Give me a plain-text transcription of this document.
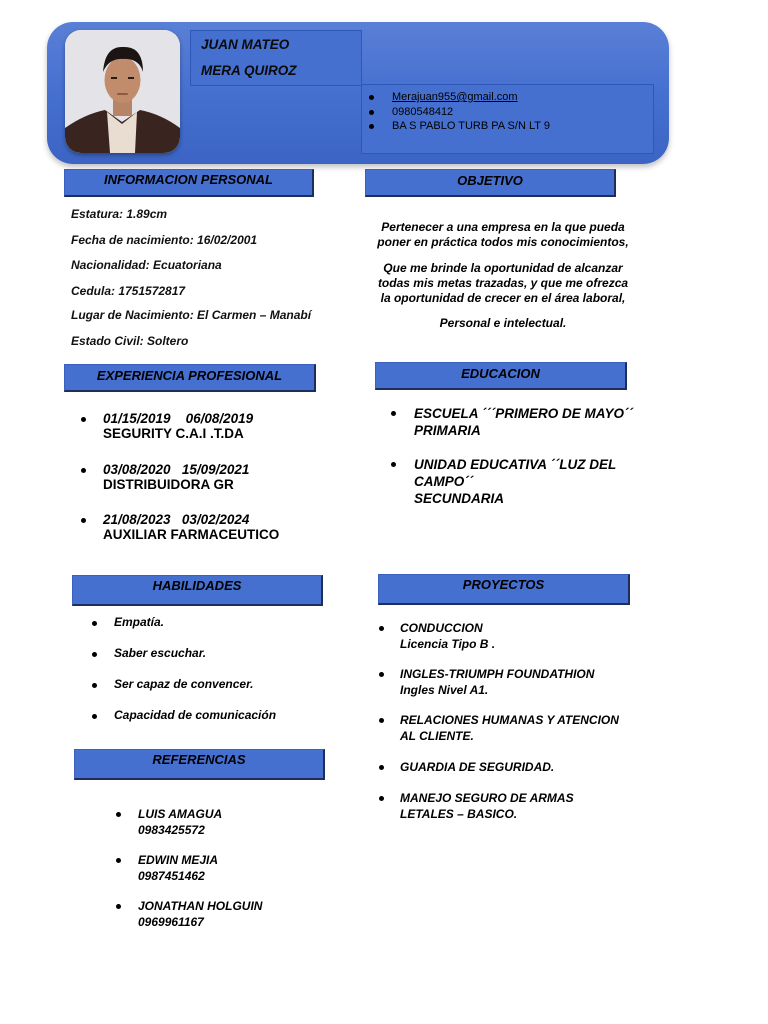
JUAN MATEO
MERA QUIROZ
Merajuan955@gmail.com
0980548412
BA S PABLO TURB PA S/N LT 9
INFORMACION PERSONAL
Estatura: 1.89cm
Fecha de nacimiento: 16/02/2001
Nacionalidad: Ecuatoriana
Cedula: 1751572817
Lugar de Nacimiento: El Carmen – Manabí
Estado Civil: Soltero
OBJETIVO
Pertenecer a una empresa en la que pueda poner en práctica todos mis conocimientos,
Que me brinde la oportunidad de alcanzar todas mis metas trazadas, y que me ofrezca la oportunidad de crecer en el área laboral,
Personal e intelectual.
EXPERIENCIA PROFESIONAL
01/15/2019    06/08/2019
SEGURITY C.A.I .T.DA
03/08/2020   15/09/2021
DISTRIBUIDORA GR
21/08/2023   03/02/2024
AUXILIAR FARMACEUTICO
EDUCACION
ESCUELA ´´´PRIMERO DE MAYO´´
PRIMARIA
UNIDAD EDUCATIVA ´´LUZ DEL CAMPO´´
SECUNDARIA
HABILIDADES
Empatía.
Saber escuchar.
Ser capaz de convencer.
Capacidad de comunicación
PROYECTOS
CONDUCCION
Licencia Tipo B .
INGLES-TRIUMPH FOUNDATHION
Ingles Nivel A1.
RELACIONES HUMANAS Y ATENCION AL CLIENTE.
GUARDIA DE SEGURIDAD.
MANEJO SEGURO DE ARMAS LETALES – BASICO.
REFERENCIAS
LUIS AMAGUA
0983425572
EDWIN MEJIA
0987451462
JONATHAN HOLGUIN
0969961167
